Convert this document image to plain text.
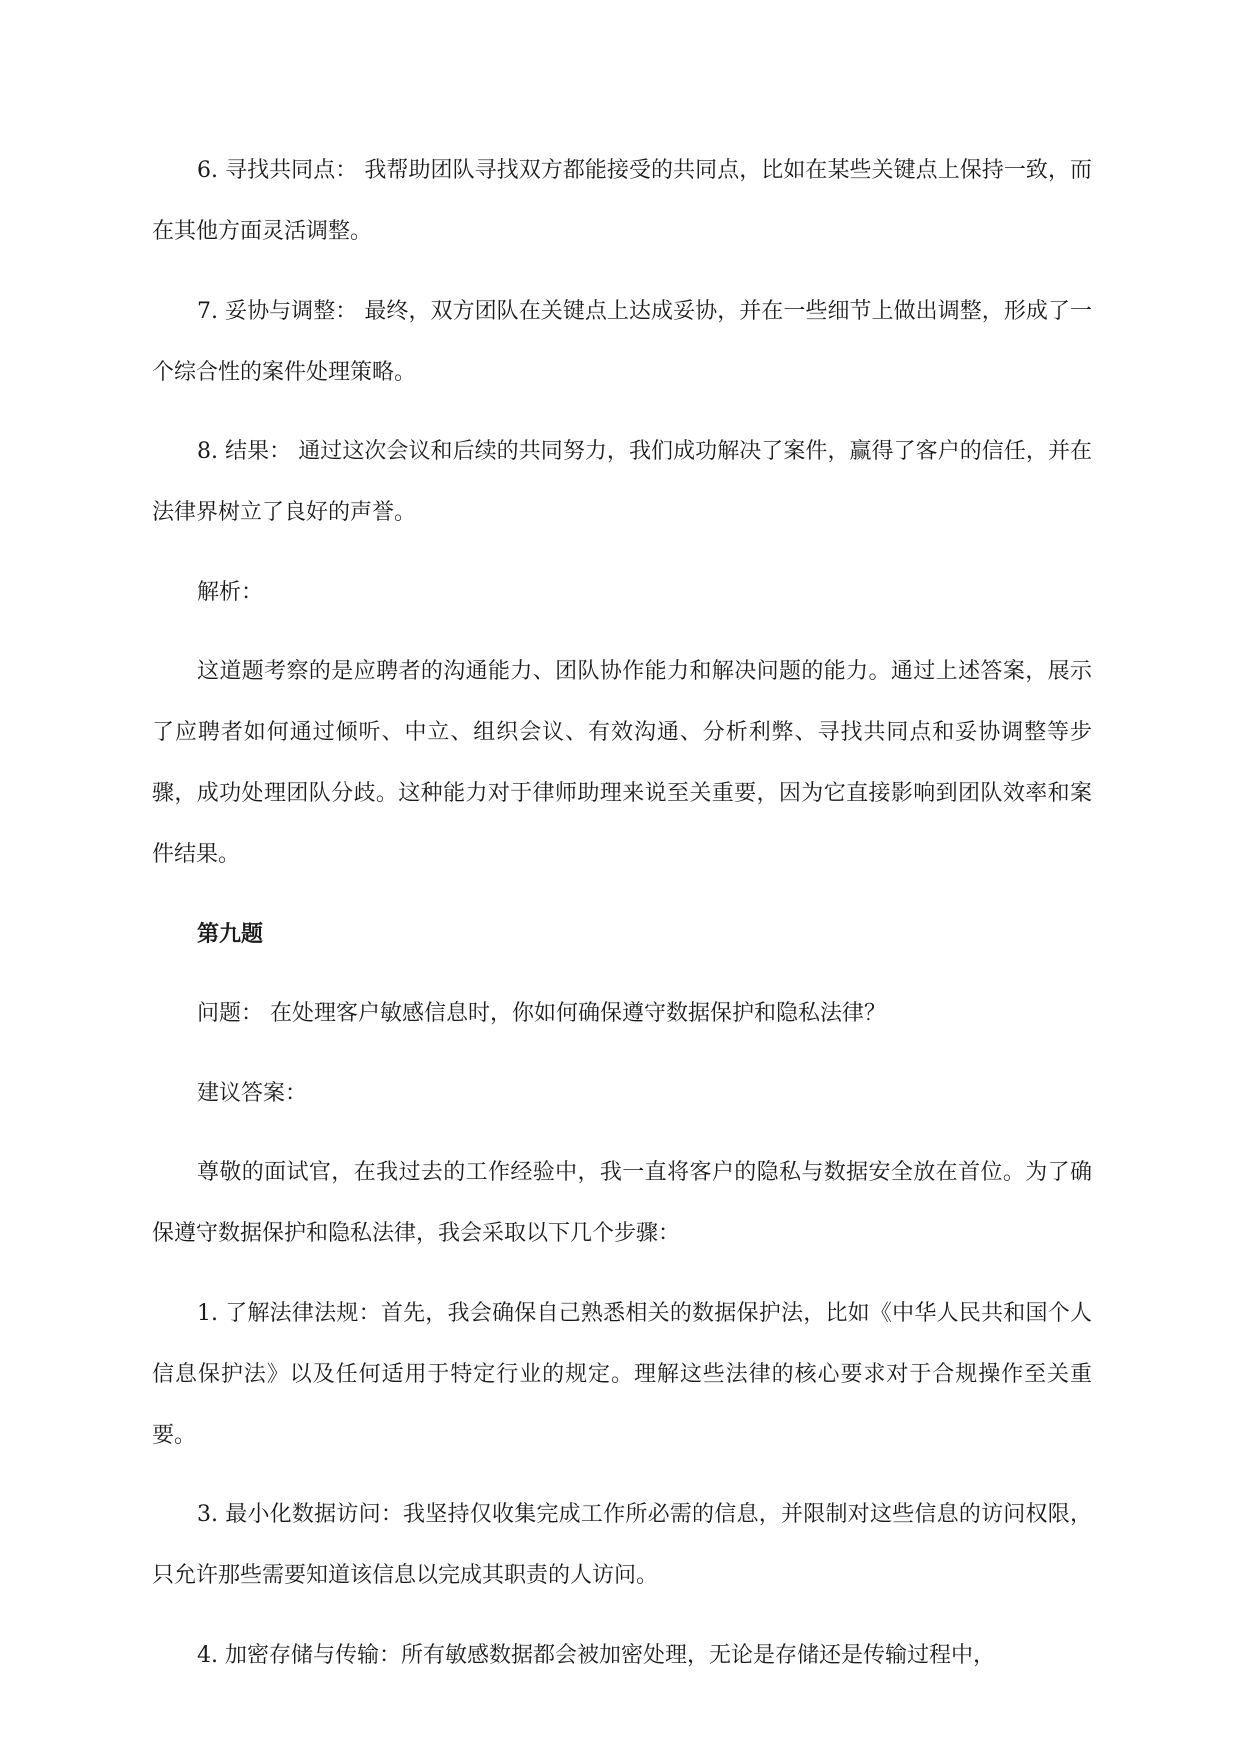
6. 寻找共同点： 我帮助团队寻找双方都能接受的共同点，比如在某些关键点上保持一致，而在其他方面灵活调整。

7. 妥协与调整： 最终，双方团队在关键点上达成妥协，并在一些细节上做出调整，形成了一个综合性的案件处理策略。

8. 结果： 通过这次会议和后续的共同努力，我们成功解决了案件，赢得了客户的信任，并在法律界树立了良好的声誉。

解析：

这道题考察的是应聘者的沟通能力、团队协作能力和解决问题的能力。通过上述答案，展示了应聘者如何通过倾听、中立、组织会议、有效沟通、分析利弊、寻找共同点和妥协调整等步骤，成功处理团队分歧。这种能力对于律师助理来说至关重要，因为它直接影响到团队效率和案件结果。

第九题

问题： 在处理客户敏感信息时，你如何确保遵守数据保护和隐私法律？

建议答案：

尊敬的面试官，在我过去的工作经验中，我一直将客户的隐私与数据安全放在首位。为了确保遵守数据保护和隐私法律，我会采取以下几个步骤：

1. 了解法律法规：首先，我会确保自己熟悉相关的数据保护法，比如《中华人民共和国个人信息保护法》以及任何适用于特定行业的规定。理解这些法律的核心要求对于合规操作至关重要。

3. 最小化数据访问：我坚持仅收集完成工作所必需的信息，并限制对这些信息的访问权限，只允许那些需要知道该信息以完成其职责的人访问。

4. 加密存储与传输：所有敏感数据都会被加密处理，无论是存储还是传输过程中，
